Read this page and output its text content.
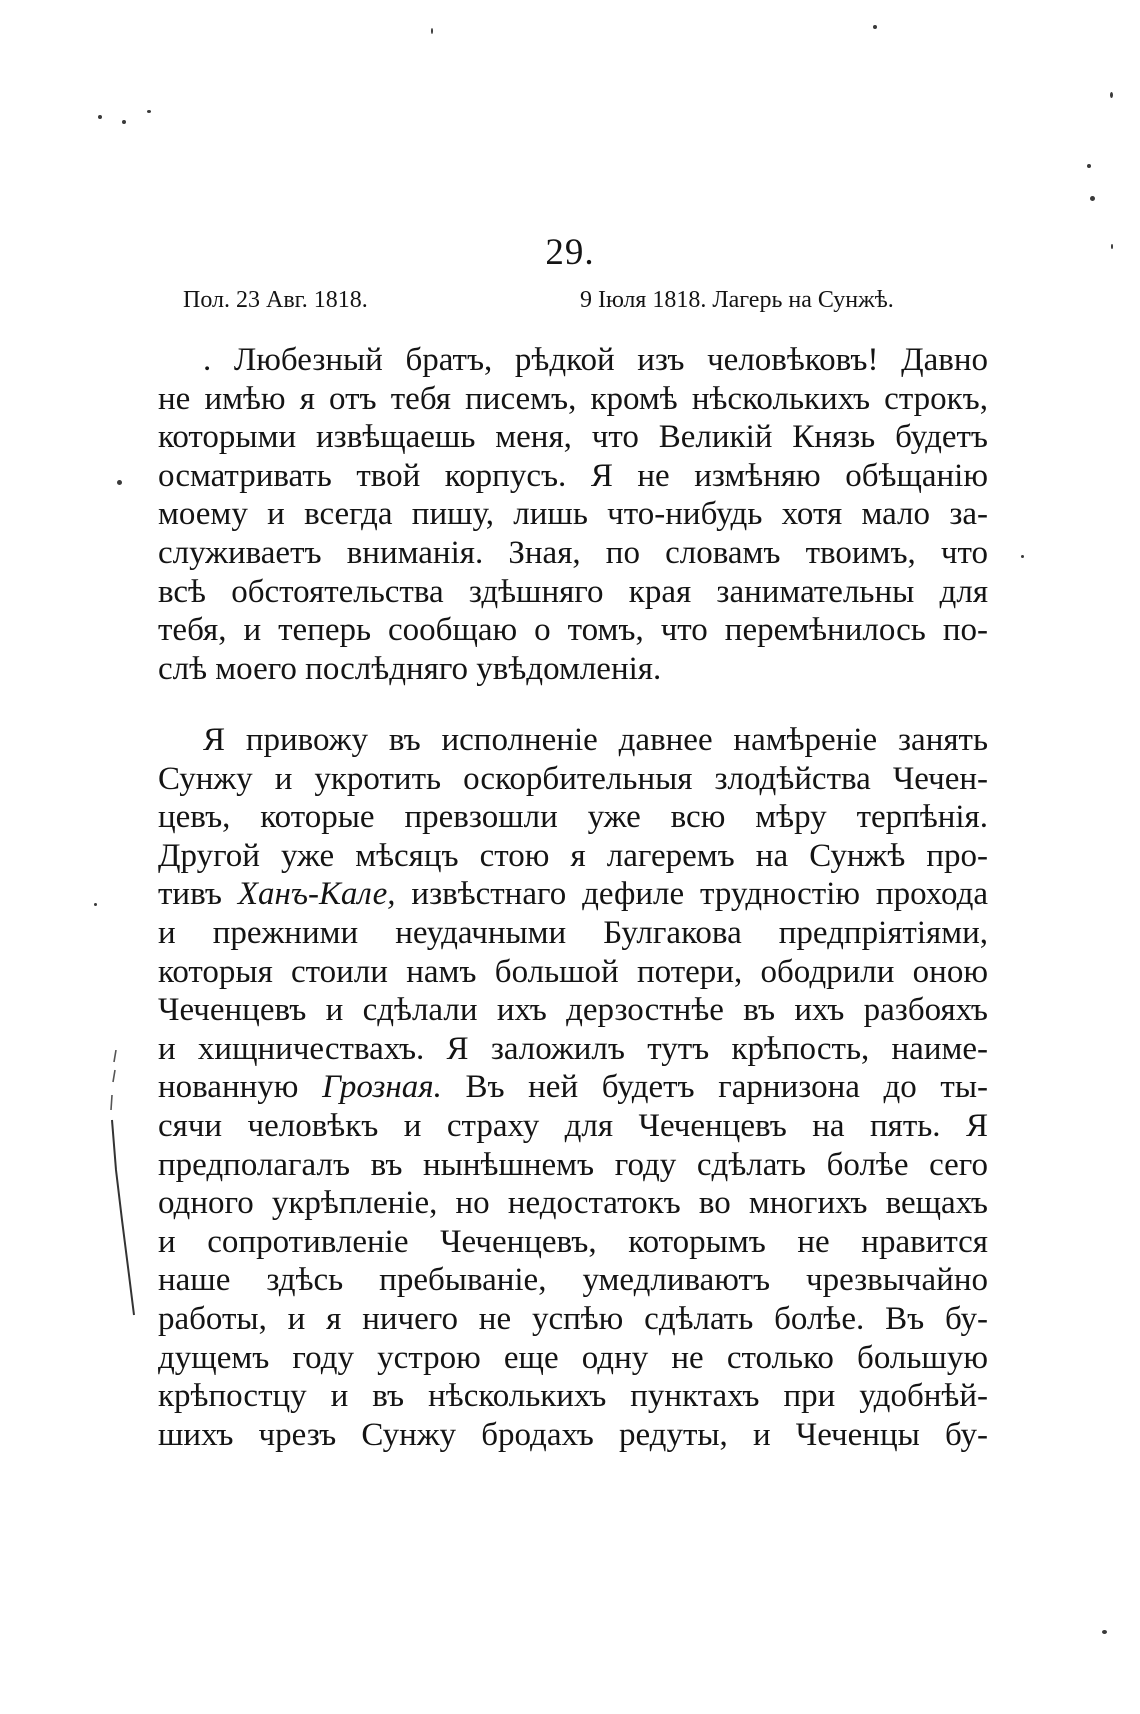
29.
Пол. 23 Авг. 1818.	9 Іюля 1818. Лагерь на Сунжѣ.
. Любезный братъ, рѣдкой изъ человѣковъ! Давно
не имѣю я отъ тебя писемъ, кромѣ нѣсколькихъ строкъ,
которыми извѣщаешь меня, что Великій Князь будетъ
осматривать твой корпусъ. Я не измѣняю обѣщанію
моему и всегда пишу, лишь что-нибудь хотя мало за-
служиваетъ вниманія. Зная, по словамъ твоимъ, что
всѣ обстоятельства здѣшняго края занимательны для
тебя, и теперь сообщаю о томъ, что перемѣнилось по-
слѣ моего послѣдняго увѣдомленія.
Я привожу въ исполненіе давнее намѣреніе занять
Сунжу и укротить оскорбительныя злодѣйства Чечен-
цевъ, которые превзошли уже всю мѣру терпѣнія.
Другой уже мѣсяцъ стою я лагеремъ на Сунжѣ про-
тивъ Ханъ-Кале, извѣстнаго дефиле трудностію прохода
и прежними неудачными Булгакова предпріятіями,
которыя стоили намъ большой потери, ободрили оною
Чеченцевъ и сдѣлали ихъ дерзостнѣе въ ихъ разбояхъ
и хищничествахъ. Я заложилъ тутъ крѣпость, наиме-
нованную Грозная. Въ ней будетъ гарнизона до ты-
сячи человѣкъ и страху для Чеченцевъ на пять. Я
предполагалъ въ нынѣшнемъ году сдѣлать болѣе сего
одного укрѣпленіе, но недостатокъ во многихъ вещахъ
и сопротивленіе Чеченцевъ, которымъ не нравится
наше здѣсь пребываніе, умедливаютъ чрезвычайно
работы, и я ничего не успѣю сдѣлать болѣе. Въ бу-
дущемъ году устрою еще одну не столько большую
крѣпостцу и въ нѣсколькихъ пунктахъ при удобнѣй-
шихъ чрезъ Сунжу бродахъ редуты, и Чеченцы бу-
